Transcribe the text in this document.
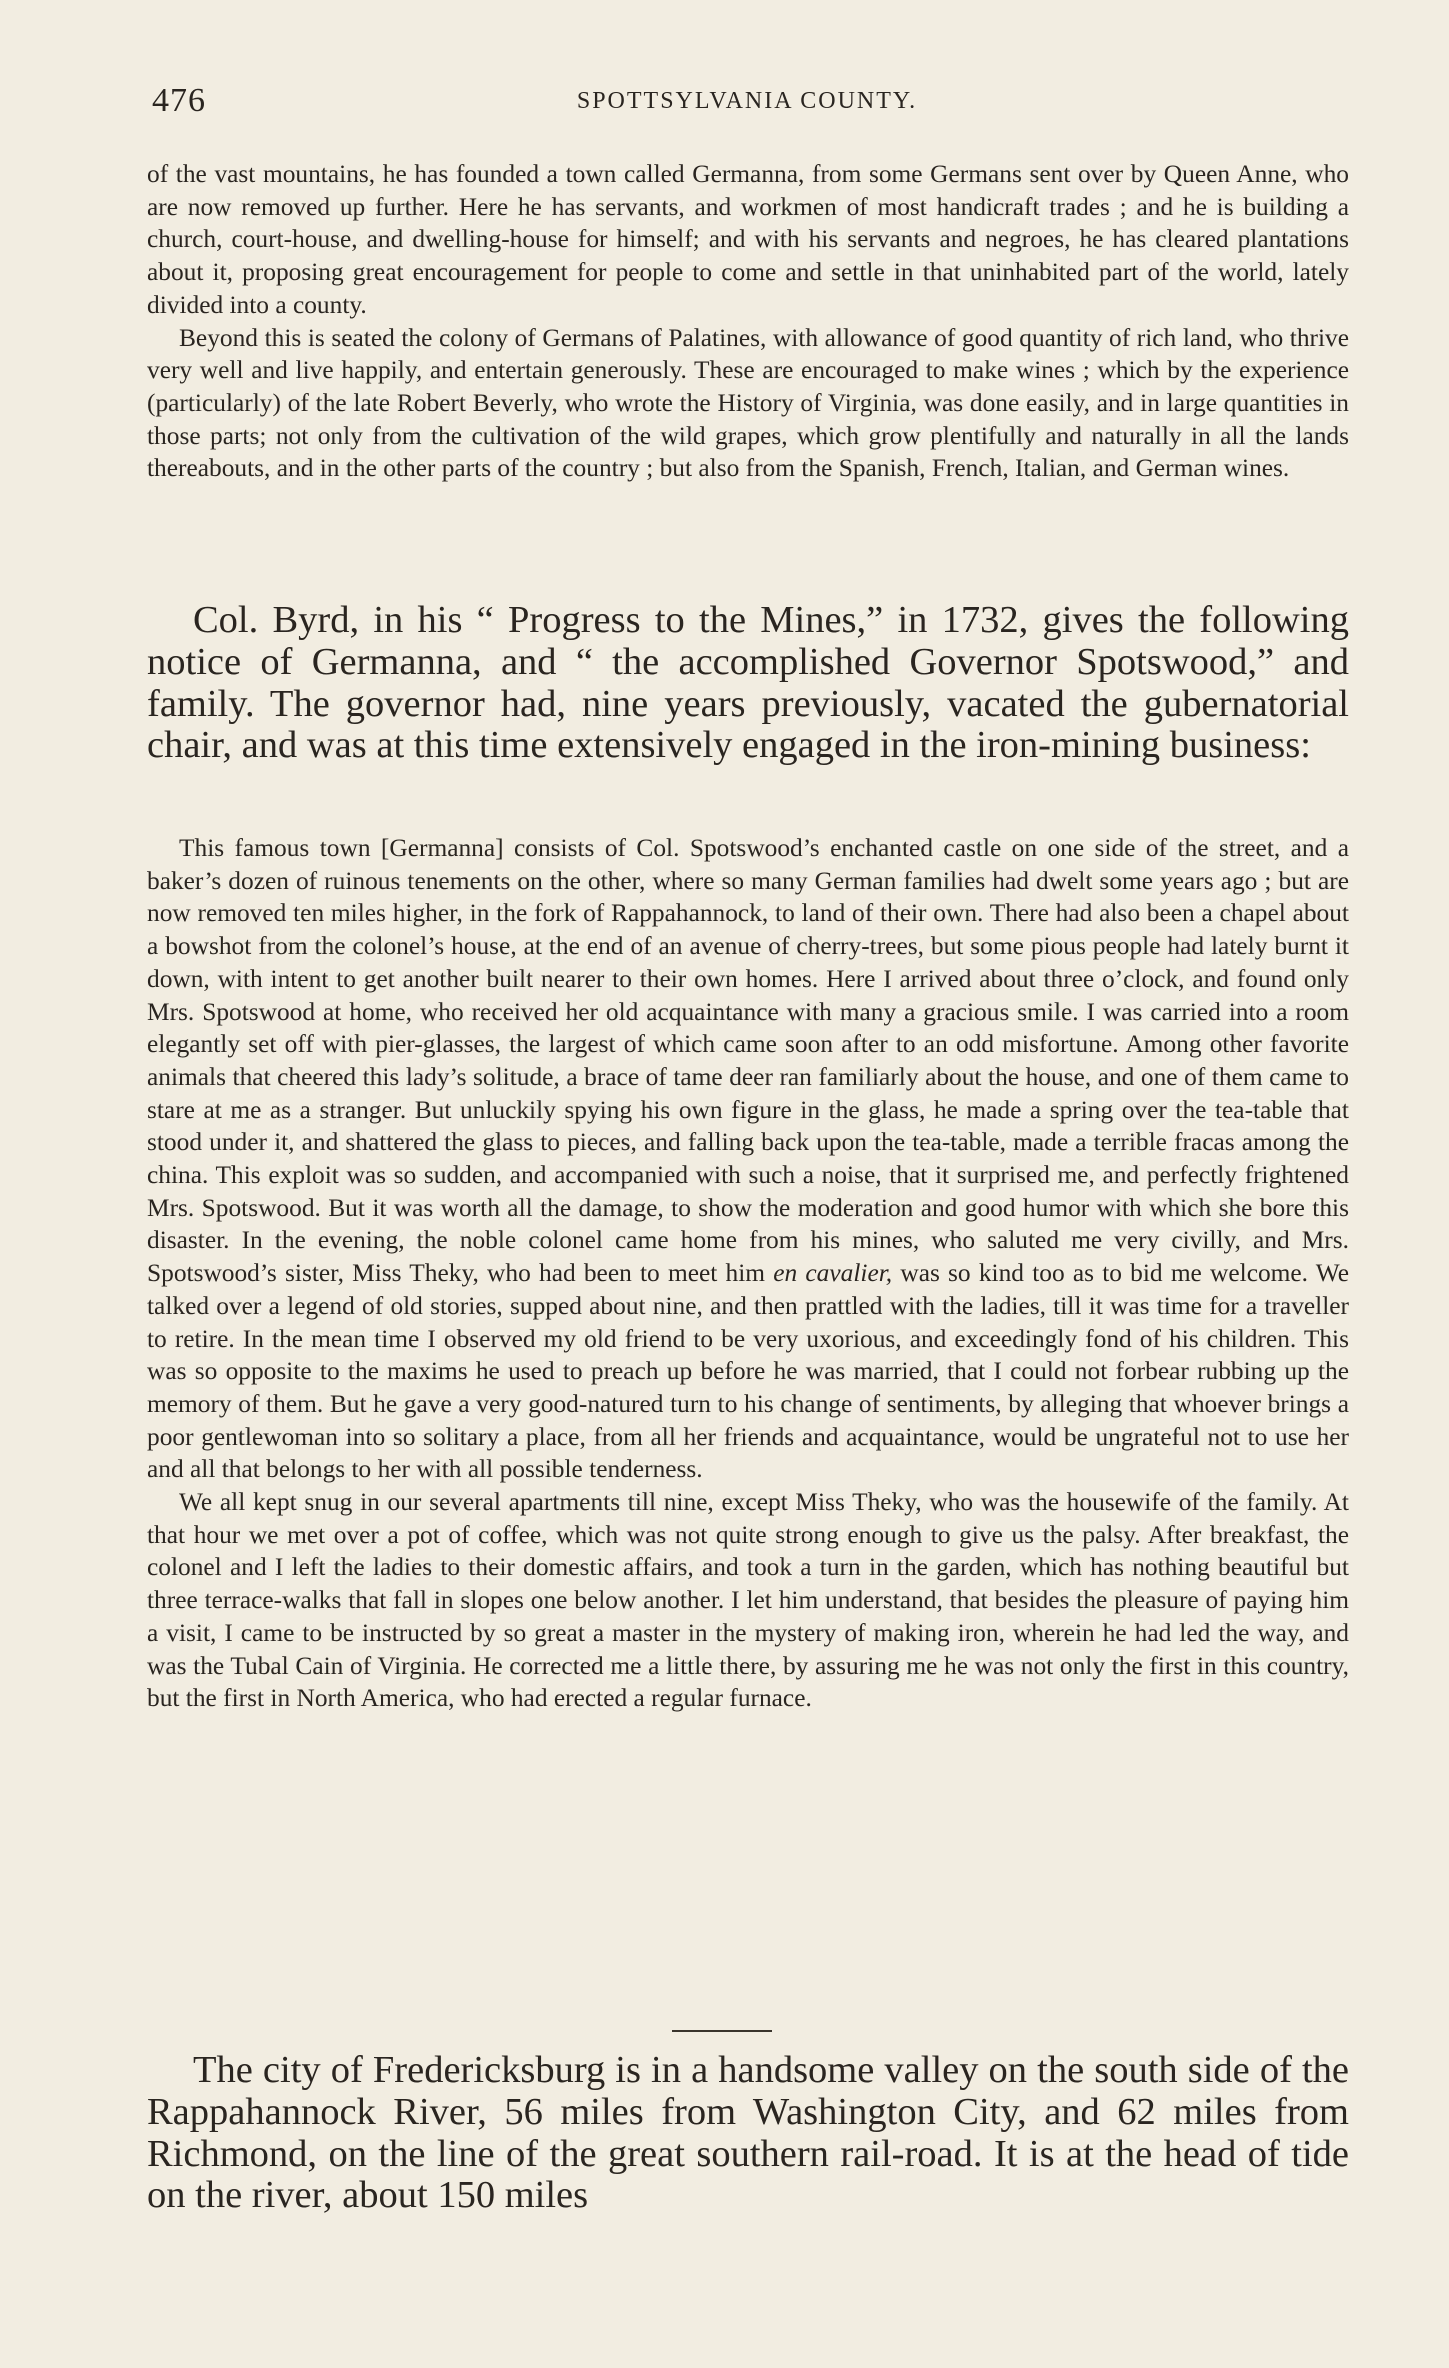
476	SPOTTSYLVANIA COUNTY.

of the vast mountains, he has founded a town called Germanna, from some Germans sent over by Queen Anne, who are now removed up further. Here he has servants, and workmen of most handicraft trades ; and he is building a church, court-house, and dwelling-house for himself; and with his servants and negroes, he has cleared plantations about it, proposing great encouragement for people to come and settle in that uninhabited part of the world, lately divided into a county.

Beyond this is seated the colony of Germans of Palatines, with allowance of good quantity of rich land, who thrive very well and live happily, and entertain generously. These are encouraged to make wines ; which by the experience (particularly) of the late Robert Beverly, who wrote the History of Virginia, was done easily, and in large quantities in those parts; not only from the cultivation of the wild grapes, which grow plentifully and naturally in all the lands thereabouts, and in the other parts of the country ; but also from the Spanish, French, Italian, and German wines.

Col. Byrd, in his “ Progress to the Mines,” in 1732, gives the following notice of Germanna, and “ the accomplished Governor Spotswood,” and family. The governor had, nine years previously, vacated the gubernatorial chair, and was at this time extensively engaged in the iron-mining business:

This famous town [Germanna] consists of Col. Spotswood’s enchanted castle on one side of the street, and a baker’s dozen of ruinous tenements on the other, where so many German families had dwelt some years ago ; but are now removed ten miles higher, in the fork of Rappahannock, to land of their own. There had also been a chapel about a bowshot from the colonel’s house, at the end of an avenue of cherry-trees, but some pious people had lately burnt it down, with intent to get another built nearer to their own homes. Here I arrived about three o’clock, and found only Mrs. Spotswood at home, who received her old acquaintance with many a gracious smile. I was carried into a room elegantly set off with pier-glasses, the largest of which came soon after to an odd misfortune. Among other favorite animals that cheered this lady’s solitude, a brace of tame deer ran familiarly about the house, and one of them came to stare at me as a stranger. But unluckily spying his own figure in the glass, he made a spring over the tea-table that stood under it, and shattered the glass to pieces, and falling back upon the tea-table, made a terrible fracas among the china. This exploit was so sudden, and accompanied with such a noise, that it surprised me, and perfectly frightened Mrs. Spotswood. But it was worth all the damage, to show the moderation and good humor with which she bore this disaster. In the evening, the noble colonel came home from his mines, who saluted me very civilly, and Mrs. Spotswood’s sister, Miss Theky, who had been to meet him en cavalier, was so kind too as to bid me welcome. We talked over a legend of old stories, supped about nine, and then prattled with the ladies, till it was time for a traveller to retire. In the mean time I observed my old friend to be very uxorious, and exceedingly fond of his children. This was so opposite to the maxims he used to preach up before he was married, that I could not forbear rubbing up the memory of them. But he gave a very good-natured turn to his change of sentiments, by alleging that whoever brings a poor gentlewoman into so solitary a place, from all her friends and acquaintance, would be ungrateful not to use her and all that belongs to her with all possible tenderness.

We all kept snug in our several apartments till nine, except Miss Theky, who was the housewife of the family. At that hour we met over a pot of coffee, which was not quite strong enough to give us the palsy. After breakfast, the colonel and I left the ladies to their domestic affairs, and took a turn in the garden, which has nothing beautiful but three terrace-walks that fall in slopes one below another. I let him understand, that besides the pleasure of paying him a visit, I came to be instructed by so great a master in the mystery of making iron, wherein he had led the way, and was the Tubal Cain of Virginia. He corrected me a little there, by assuring me he was not only the first in this country, but the first in North America, who had erected a regular furnace.

The city of Fredericksburg is in a handsome valley on the south side of the Rappahannock River, 56 miles from Washington City, and 62 miles from Richmond, on the line of the great southern rail-road. It is at the head of tide on the river, about 150 miles
